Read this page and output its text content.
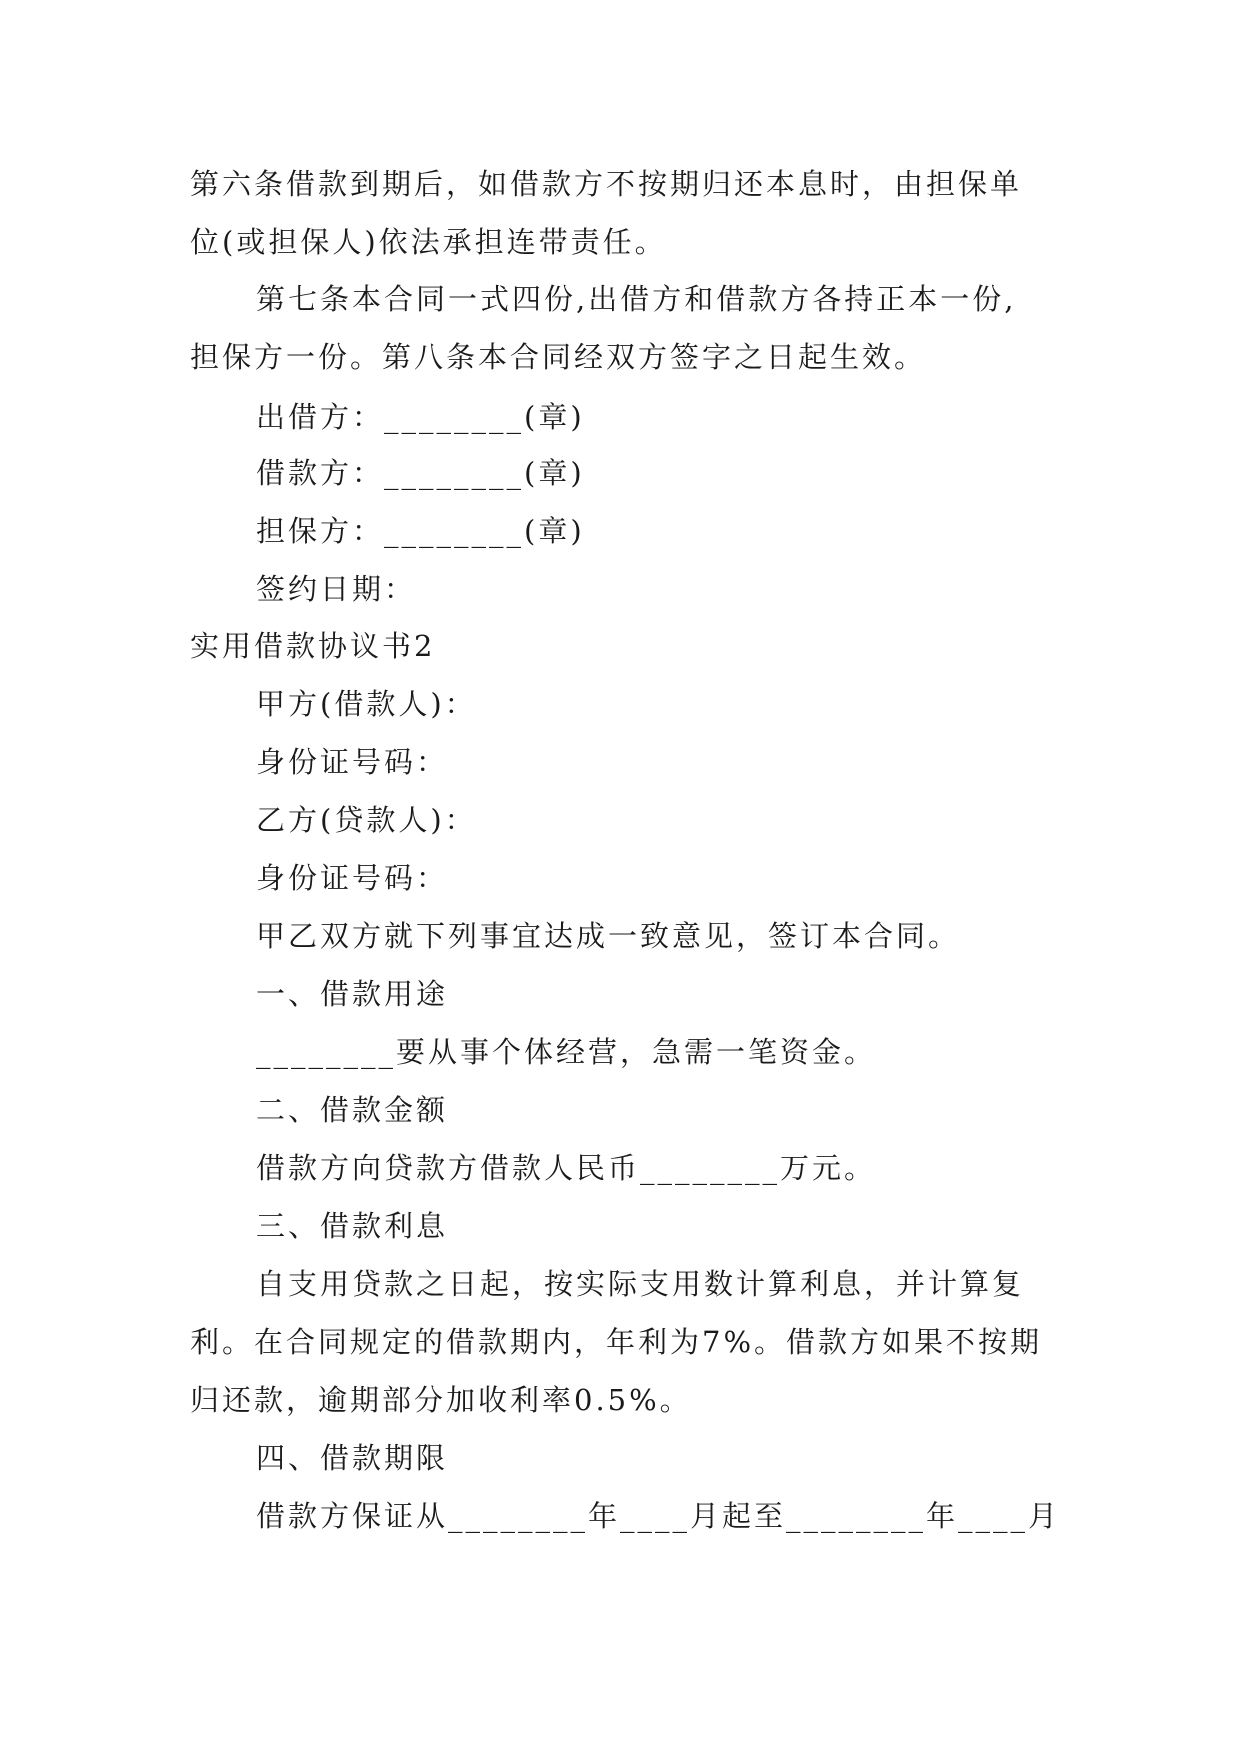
第六条借款到期后，如借款方不按期归还本息时，由担保单
位(或担保人)依法承担连带责任。
第七条本合同一式四份,出借方和借款方各持正本一份,
担保方一份。第八条本合同经双方签字之日起生效。
出借方：________(章)
借款方：________(章)
担保方：________(章)
签约日期：
实用借款协议书2
甲方(借款人)：
身份证号码：
乙方(贷款人)：
身份证号码：
甲乙双方就下列事宜达成一致意见，签订本合同。
一、借款用途
________要从事个体经营，急需一笔资金。
二、借款金额
借款方向贷款方借款人民币________万元。
三、借款利息
自支用贷款之日起，按实际支用数计算利息，并计算复
利。在合同规定的借款期内，年利为7%。借款方如果不按期
归还款，逾期部分加收利率0.5%。
四、借款期限
借款方保证从________年____月起至________年____月
